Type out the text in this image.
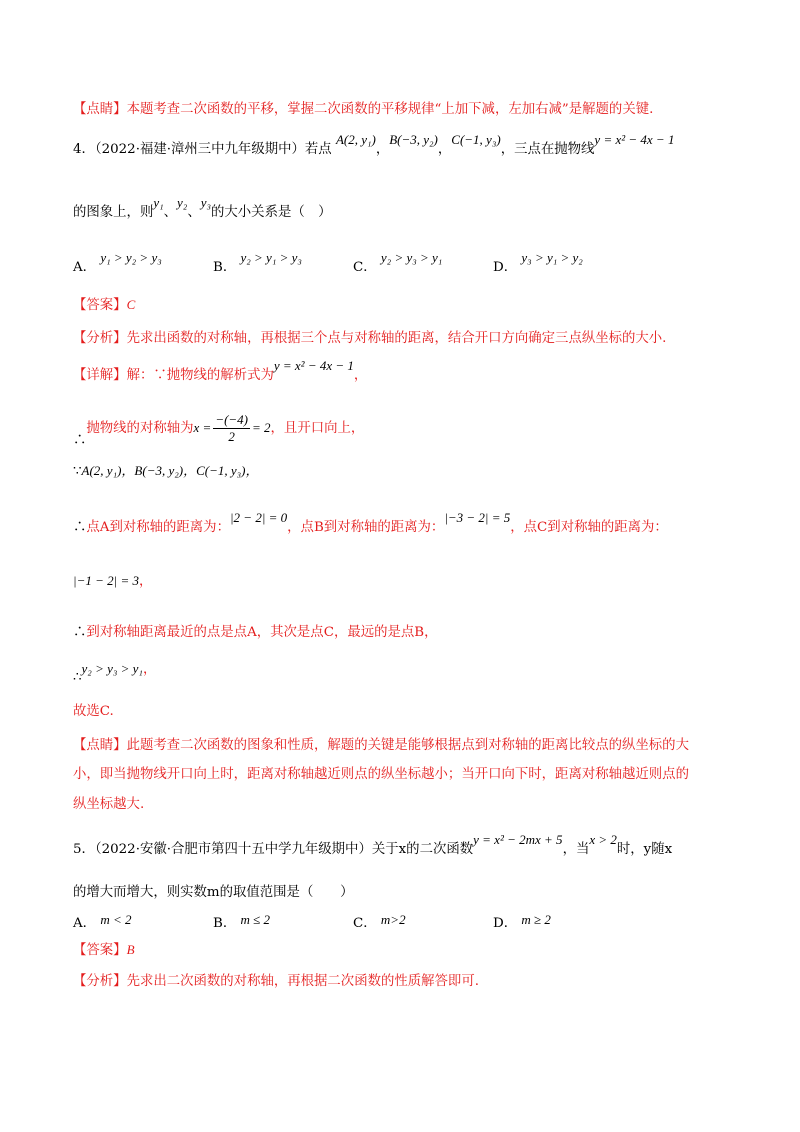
【点睛】本题考查二次函数的平移，掌握二次函数的平移规律“上加下减，左加右减”是解题的关键.
4．（2022·福建·漳州三中九年级期中）若点 A(2, y₁)，B(−3, y₂)，C(−1, y₃)，三点在抛物线y = x² − 4x − 1
的图象上，则y₁、y₂、y₃的大小关系是（　）
A． y₁ > y₂ > y₃
B． y₂ > y₁ > y₃
C． y₂ > y₃ > y₁
D． y₃ > y₁ > y₂
【答案】C
【分析】先求出函数的对称轴，再根据三个点与对称轴的距离，结合开口方向确定三点纵坐标的大小.
【详解】解：∵抛物线的解析式为y = x² − 4x − 1，
∴抛物线的对称轴为$x = \frac{-(-4)}{2} = 2$，且开口向上，
∵A(2, y₁)，B(−3, y₂)，C(−1, y₃)，
∴点A到对称轴的距离为：|2 − 2| = 0，点B到对称轴的距离为：|−3 − 2| = 5，点C到对称轴的距离为：
|−1 − 2| = 3，
∴到对称轴距离最近的点是点A，其次是点C，最远的是点B，
∴y₂ > y₃ > y₁，
故选C.
【点睛】此题考查二次函数的图象和性质，解题的关键是能够根据点到对称轴的距离比较点的纵坐标的大
小，即当抛物线开口向上时，距离对称轴越近则点的纵坐标越小；当开口向下时，距离对称轴越近则点的
纵坐标越大.
5．（2022·安徽·合肥市第四十五中学九年级期中）关于x的二次函数y = x² − 2mx + 5，当x > 2时，y随x
的增大而增大，则实数m的取值范围是（　　）
A． m < 2	B． m ≤ 2	C． m>2	D． m ≥ 2
【答案】B
【分析】先求出二次函数的对称轴，再根据二次函数的性质解答即可.
